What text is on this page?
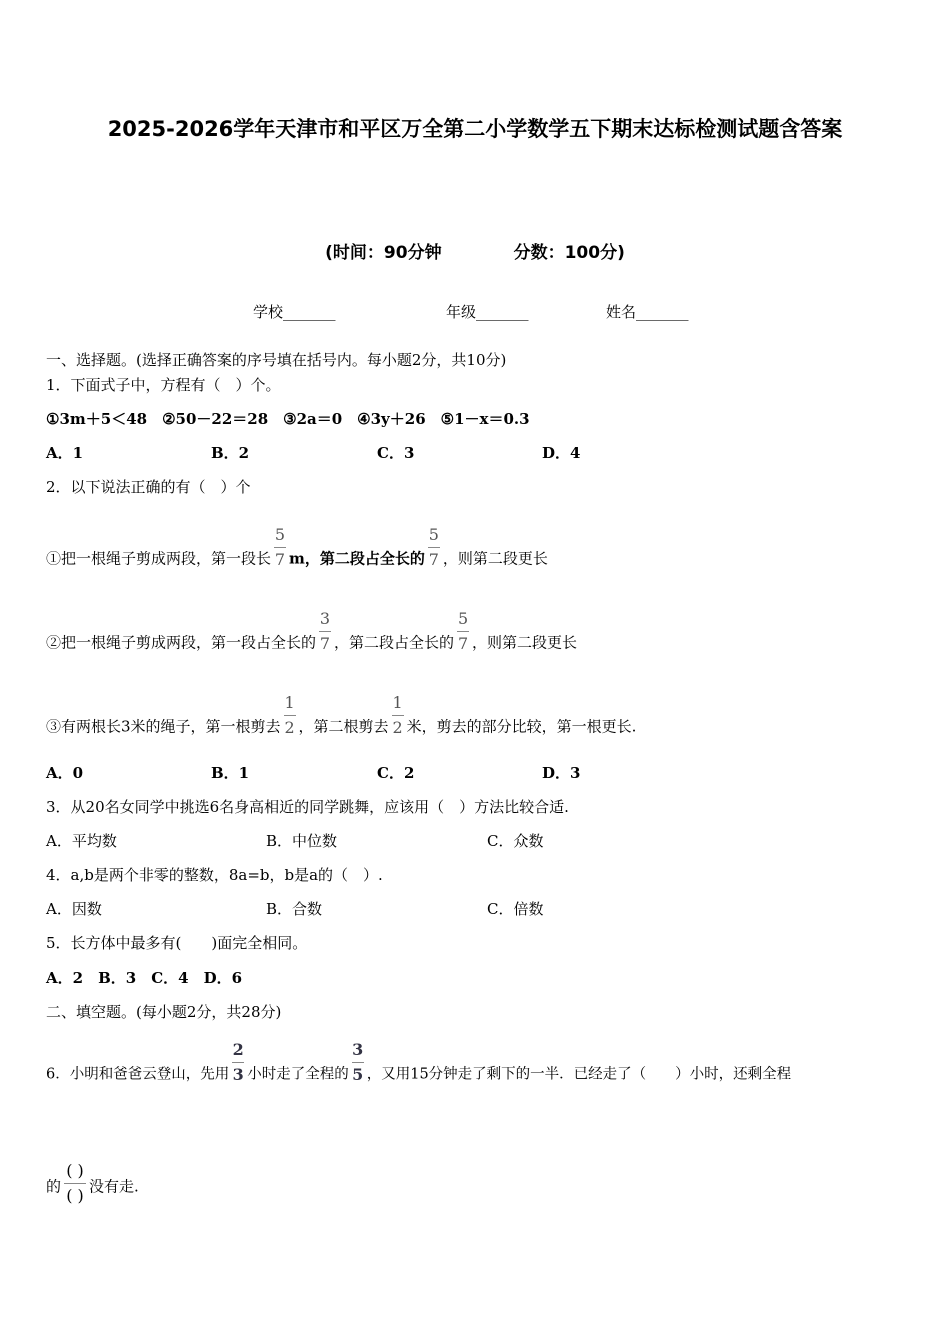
2025-2026学年天津市和平区万全第二小学数学五下期末达标检测试题含答案
(时间：90分钟	分数：100分)
学校_______	年级_______	姓名_______
一、选择题。(选择正确答案的序号填在括号内。每小题2分，共10分)
1．下面式子中，方程有（　）个。
①3m＋5＜48　②50－22＝28　③2a＝0　④3y＋26　⑤1－x＝0.3
A．1	B．2	C．3	D．4
2．以下说法正确的有（　）个
①把一根绳子剪成两段，第一段长 $\frac{5}{7}$ m，第二段占全长的 $\frac{5}{7}$ ，则第二段更长
②把一根绳子剪成两段，第一段占全长的 $\frac{3}{7}$ ，第二段占全长的 $\frac{5}{7}$ ，则第二段更长
③有两根长3米的绳子，第一根剪去 $\frac{1}{2}$ ，第二根剪去 $\frac{1}{2}$ 米，剪去的部分比较，第一根更长.
A．0	B．1	C．2	D．3
3．从20名女同学中挑选6名身高相近的同学跳舞，应该用（　）方法比较合适.
A．平均数	B．中位数	C．众数
4．a,b是两个非零的整数，8a=b，b是a的（　）.
A．因数	B．合数	C．倍数
5．长方体中最多有(　　)面完全相同。
A．2　B．3　C．4　D．6
二、填空题。(每小题2分，共28分)
6．小明和爸爸云登山，先用 $\frac{2}{3}$ 小时走了全程的 $\frac{3}{5}$ ，又用15分钟走了剩下的一半．已经走了（　　）小时，还剩全程
的 $\frac{( )}{( )}$ 没有走.
